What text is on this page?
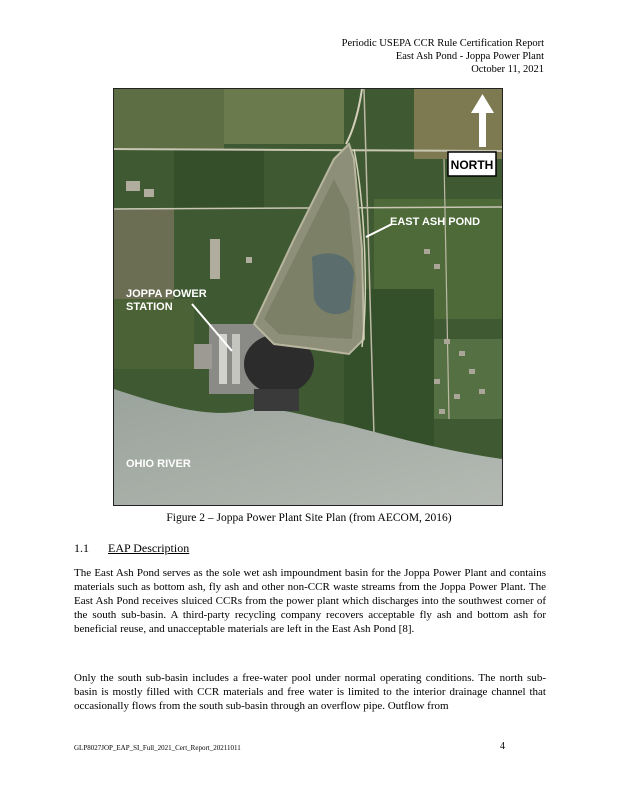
Periodic USEPA CCR Rule Certification Report
East Ash Pond - Joppa Power Plant
October 11, 2021
NORTH
EAST ASH POND
JOPPA POWER
STATION
OHIO RIVER
Figure 2 – Joppa Power Plant Site Plan (from AECOM, 2016)
1.1 EAP Description

The East Ash Pond serves as the sole wet ash impoundment basin for the Joppa Power Plant and contains materials such as bottom ash, fly ash and other non-CCR waste streams from the Joppa Power Plant. The East Ash Pond receives sluiced CCRs from the power plant which discharges into the southwest corner of the south sub-basin. A third-party recycling company recovers acceptable fly ash and bottom ash for beneficial reuse, and unacceptable materials are left in the East Ash Pond [8].

Only the south sub-basin includes a free-water pool under normal operating conditions. The north sub-basin is mostly filled with CCR materials and free water is limited to the interior drainage channel that occasionally flows from the south sub-basin through an overflow pipe. Outflow from

GLP8027JOP_EAP_SI_Full_2021_Cert_Report_20211011	4
